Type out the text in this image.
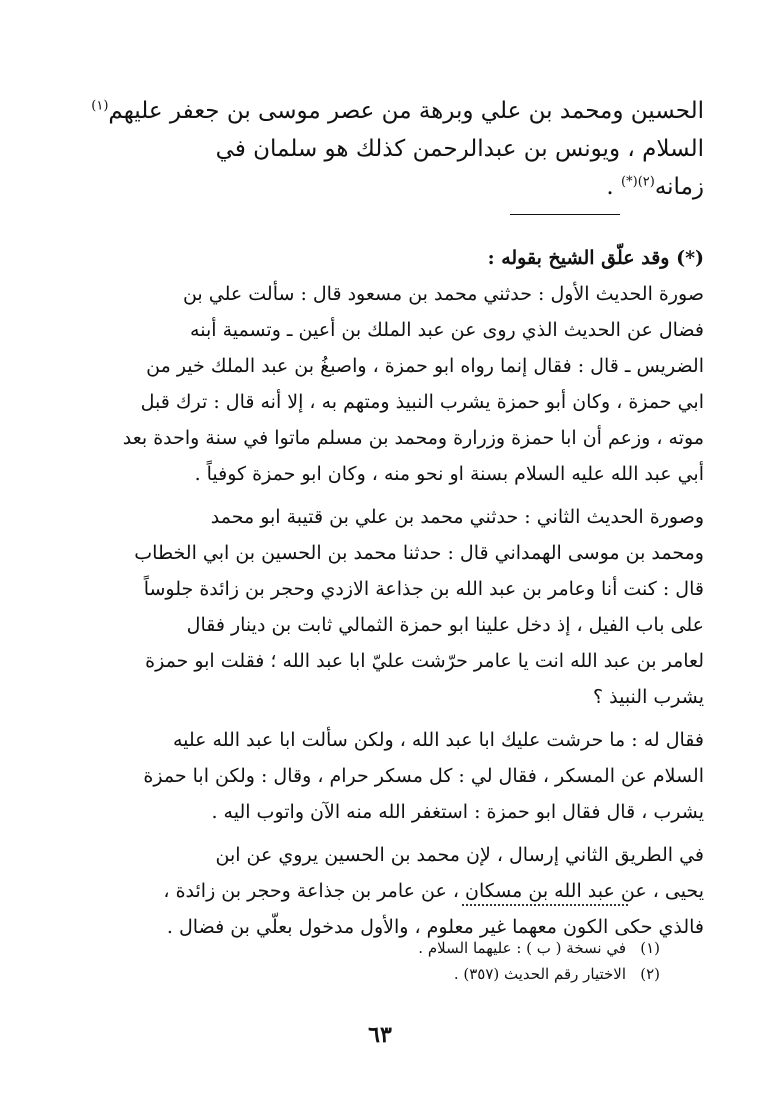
الحسين ومحمد بن علي وبرهة من عصر موسى بن جعفر عليهم$^{(١)}$
السلام ، ويونس بن عبدالرحمن كذلك هو سلمان في
زمانه$^{(٢)(*)}$ .
(*) وقد علّق الشيخ بقوله :
صورة الحديث الأول : حدثني محمد بن مسعود قال : سألت علي بن
فضال عن الحديث الذي روى عن عبد الملك بن أعين ـ وتسمية أبنه
الضريس ـ قال : فقال إنما رواه ابو حمزة ، واصبغُ بن عبد الملك خير من
ابي حمزة ، وكان أبو حمزة يشرب النبيذ ومتهم به ، إلا أنه قال : ترك قبل
موته ، وزعم أن ابا حمزة وزرارة ومحمد بن مسلم ماتوا في سنة واحدة بعد
أبي عبد الله عليه السلام بسنة او نحو منه ، وكان ابو حمزة كوفياً .
وصورة الحديث الثاني : حدثني محمد بن علي بن قتيبة ابو محمد
ومحمد بن موسى الهمداني قال : حدثنا محمد بن الحسين بن ابي الخطاب
قال : كنت أنا وعامر بن عبد الله بن جذاعة الازدي وحجر بن زائدة جلوساً
على باب الفيل ، إذ دخل علينا ابو حمزة الثمالي ثابت بن دينار فقال
لعامر بن عبد الله انت يا عامر حرّشت عليّ ابا عبد الله ؛ فقلت ابو حمزة
يشرب النبيذ ؟
فقال له : ما حرشت عليك ابا عبد الله ، ولكن سألت ابا عبد الله عليه
السلام عن المسكر ، فقال لي : كل مسكر حرام ، وقال : ولكن ابا حمزة
يشرب ، قال فقال ابو حمزة : استغفر الله منه الآن واتوب اليه .
في الطريق الثاني إرسال ، لإن محمد بن الحسين يروي عن ابن
يحيى ، عن عبد الله بن مسكان ، عن عامر بن جذاعة وحجر بن زائدة ،
فالذي حكى الكون معهما غير معلوم ، والأول مدخول بعلّي بن فضال .
(١)في نسخة ( ب ) : عليهما السلام .
(٢)الاختيار رقم الحديث (٣٥٧) .
٦٣
